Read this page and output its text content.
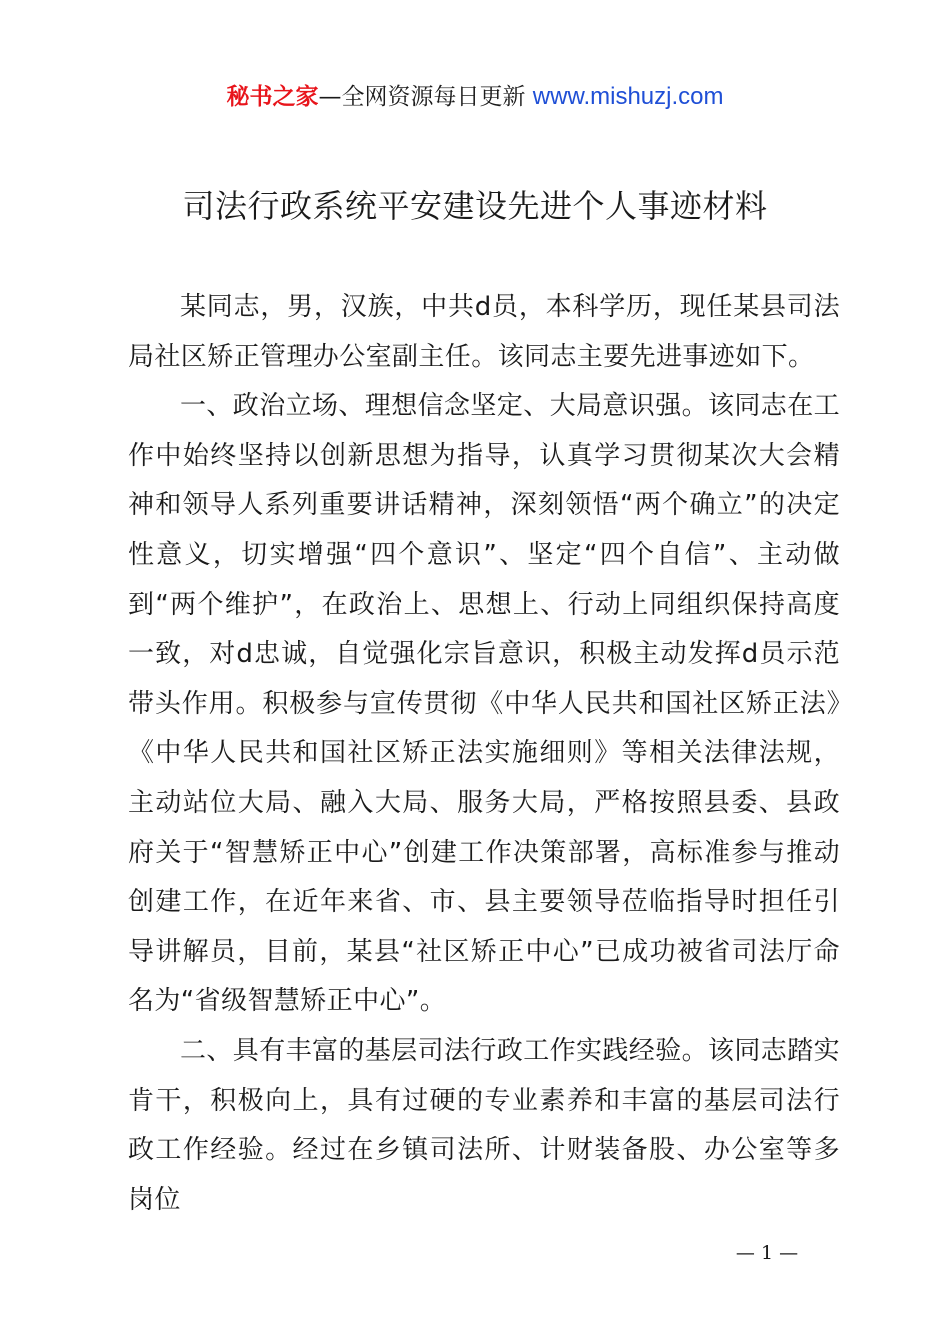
秘书之家—全网资源每日更新 www.mishuzj.com
司法行政系统平安建设先进个人事迹材料

某同志，男，汉族，中共d员，本科学历，现任某县司法局社区矫正管理办公室副主任。该同志主要先进事迹如下。

一、政治立场、理想信念坚定、大局意识强。该同志在工作中始终坚持以创新思想为指导，认真学习贯彻某次大会精神和领导人系列重要讲话精神，深刻领悟“两个确立”的决定性意义，切实增强“四个意识”、坚定“四个自信”、主动做到“两个维护”，在政治上、思想上、行动上同组织保持高度一致，对d忠诚，自觉强化宗旨意识，积极主动发挥d员示范带头作用。积极参与宣传贯彻《中华人民共和国社区矫正法》《中华人民共和国社区矫正法实施细则》等相关法律法规，主动站位大局、融入大局、服务大局，严格按照县委、县政府关于“智慧矫正中心”创建工作决策部署，高标准参与推动创建工作，在近年来省、市、县主要领导莅临指导时担任引导讲解员，目前，某县“社区矫正中心”已成功被省司法厅命名为“省级智慧矫正中心”。

二、具有丰富的基层司法行政工作实践经验。该同志踏实肯干，积极向上，具有过硬的专业素养和丰富的基层司法行政工作经验。经过在乡镇司法所、计财装备股、办公室等多岗位

— 1 —
